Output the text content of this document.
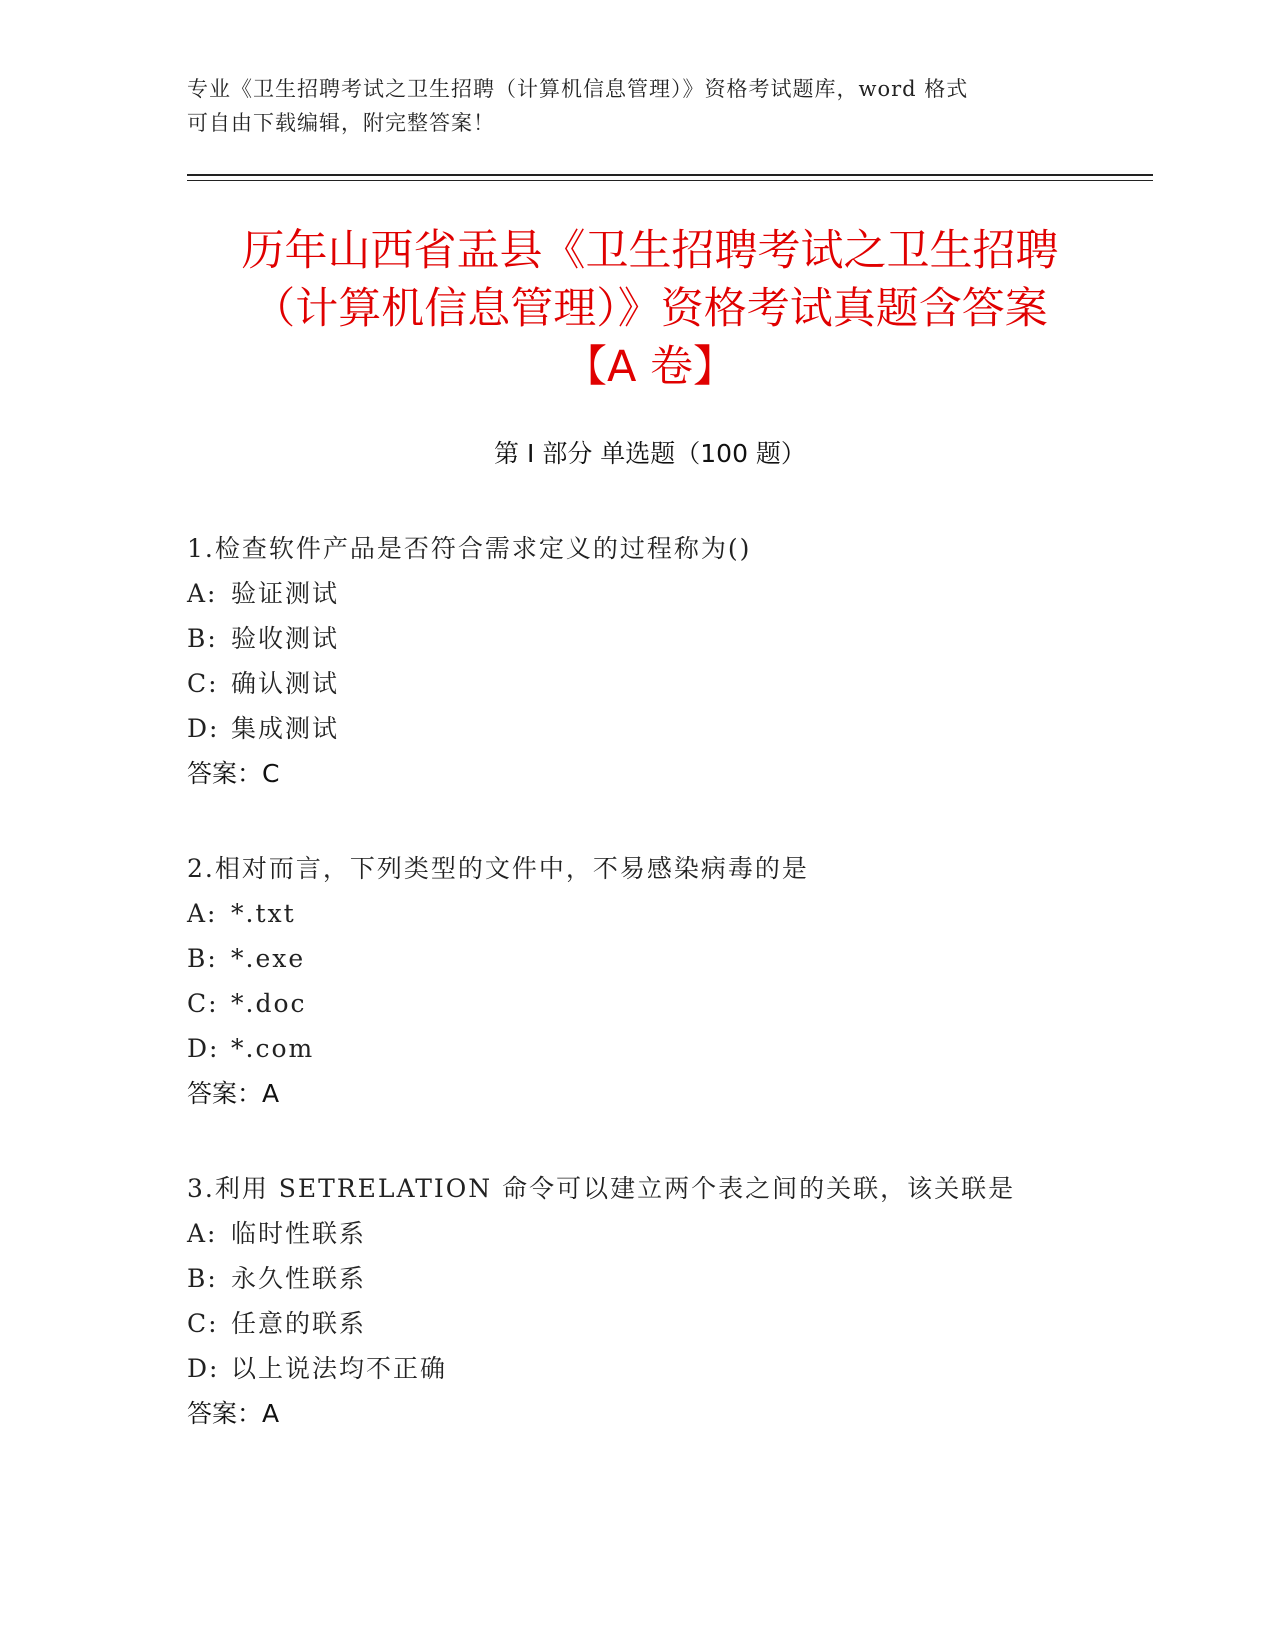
专业《卫生招聘考试之卫生招聘（计算机信息管理）》资格考试题库，word 格式
可自由下载编辑，附完整答案！
历年山西省盂县《卫生招聘考试之卫生招聘
（计算机信息管理）》资格考试真题含答案
【A 卷】
第 I 部分 单选题（100 题）
1.检查软件产品是否符合需求定义的过程称为()
A: 验证测试
B: 验收测试
C: 确认测试
D: 集成测试
答案：C
2.相对而言，下列类型的文件中，不易感染病毒的是
A: *.txt
B: *.exe
C: *.doc
D: *.com
答案：A
3.利用 SETRELATION 命令可以建立两个表之间的关联，该关联是
A: 临时性联系
B: 永久性联系
C: 任意的联系
D: 以上说法均不正确
答案：A
